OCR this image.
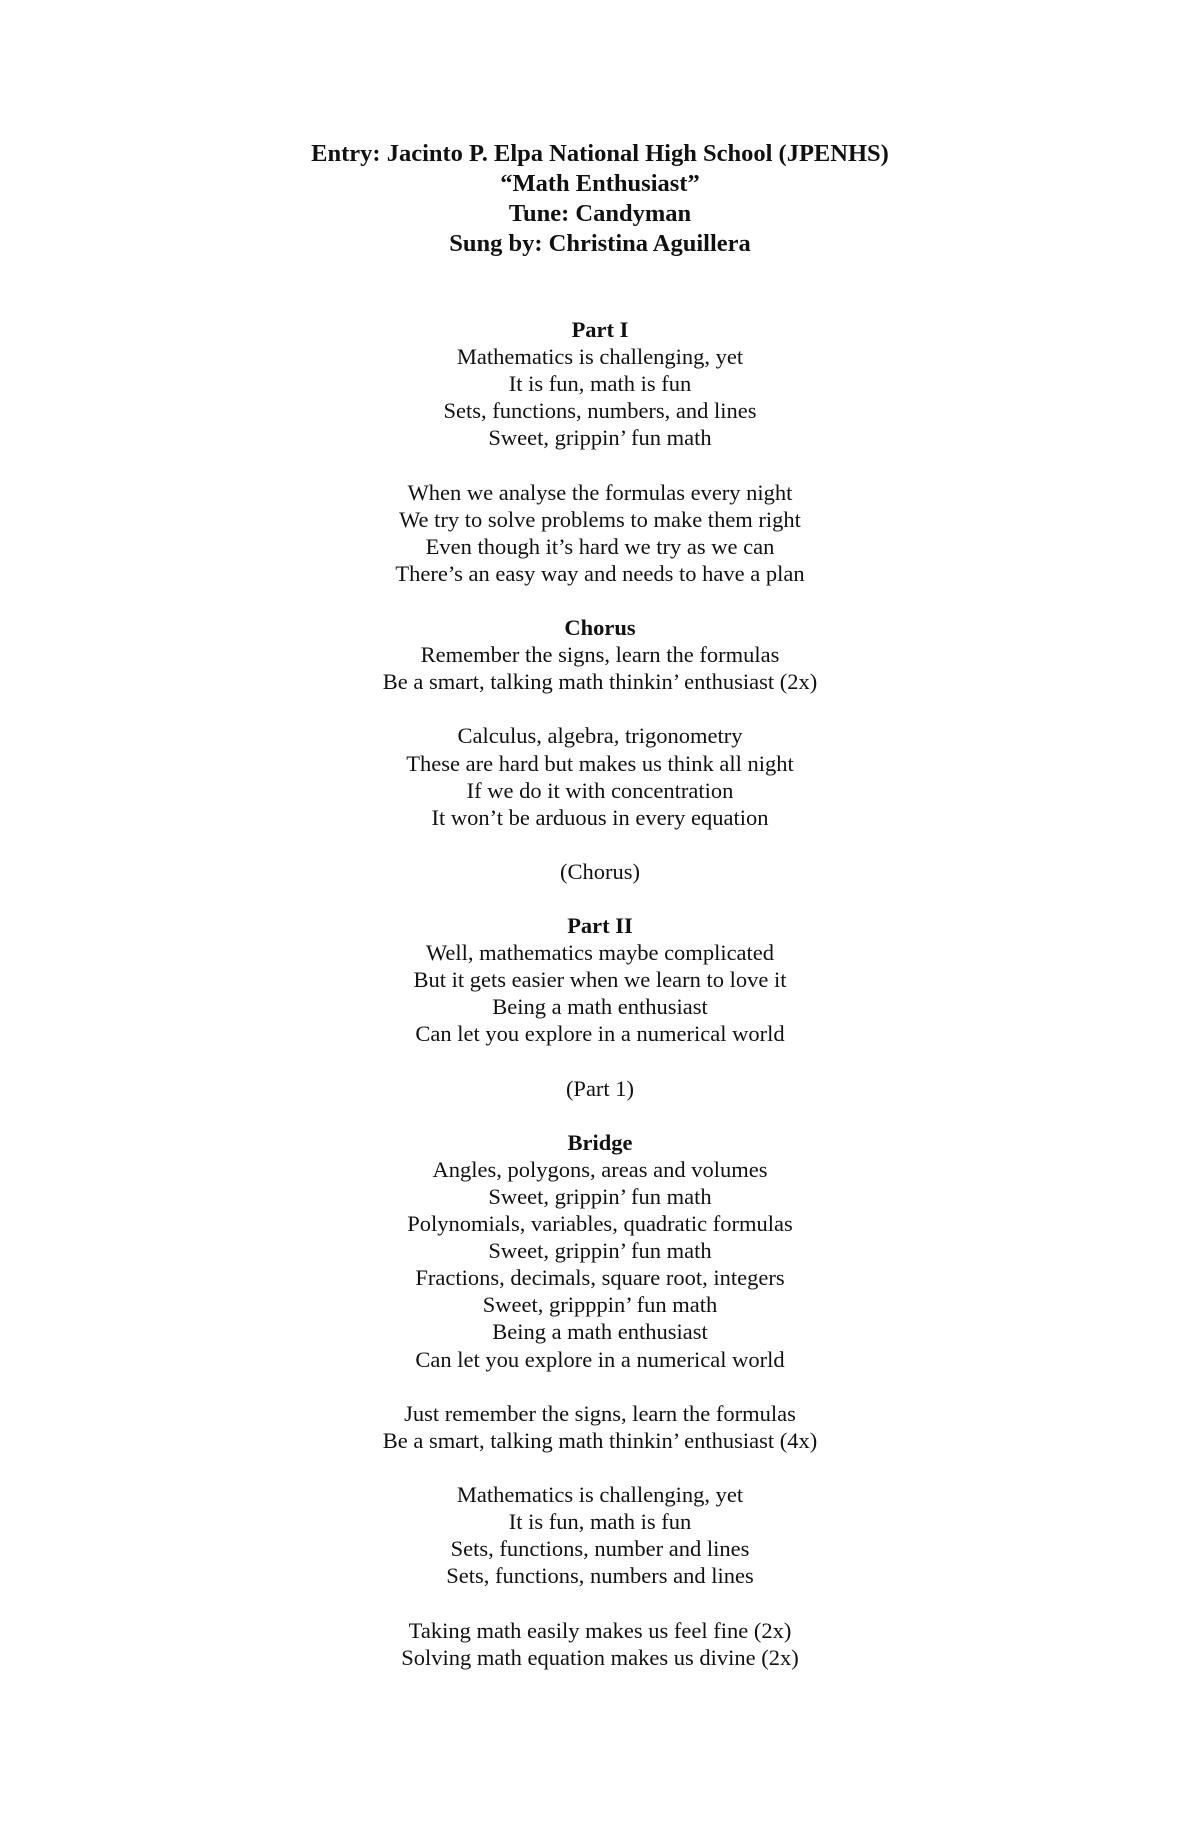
Entry: Jacinto P. Elpa National High School (JPENHS)
“Math Enthusiast”
Tune: Candyman
Sung by: Christina Aguillera
Part I
Mathematics is challenging, yet
It is fun, math is fun
Sets, functions, numbers, and lines
Sweet, grippin’ fun math
When we analyse the formulas every night
We try to solve problems to make them right
Even though it’s hard we try as we can
There’s an easy way and needs to have a plan
Chorus
Remember the signs, learn the formulas
Be a smart, talking math thinkin’ enthusiast (2x)
Calculus, algebra, trigonometry
These are hard but makes us think all night
If we do it with concentration
It won’t be arduous in every equation
(Chorus)
Part II
Well, mathematics maybe complicated
But it gets easier when we learn to love it
Being a math enthusiast
Can let you explore in a numerical world
(Part 1)
Bridge
Angles, polygons, areas and volumes
Sweet, grippin’ fun math
Polynomials, variables, quadratic formulas
Sweet, grippin’ fun math
Fractions, decimals, square root, integers
Sweet, gripppin’ fun math
Being a math enthusiast
Can let you explore in a numerical world
Just remember the signs, learn the formulas
Be a smart, talking math thinkin’ enthusiast (4x)
Mathematics is challenging, yet
It is fun, math is fun
Sets, functions, number and lines
Sets, functions, numbers and lines
Taking math easily makes us feel fine (2x)
Solving math equation makes us divine (2x)
